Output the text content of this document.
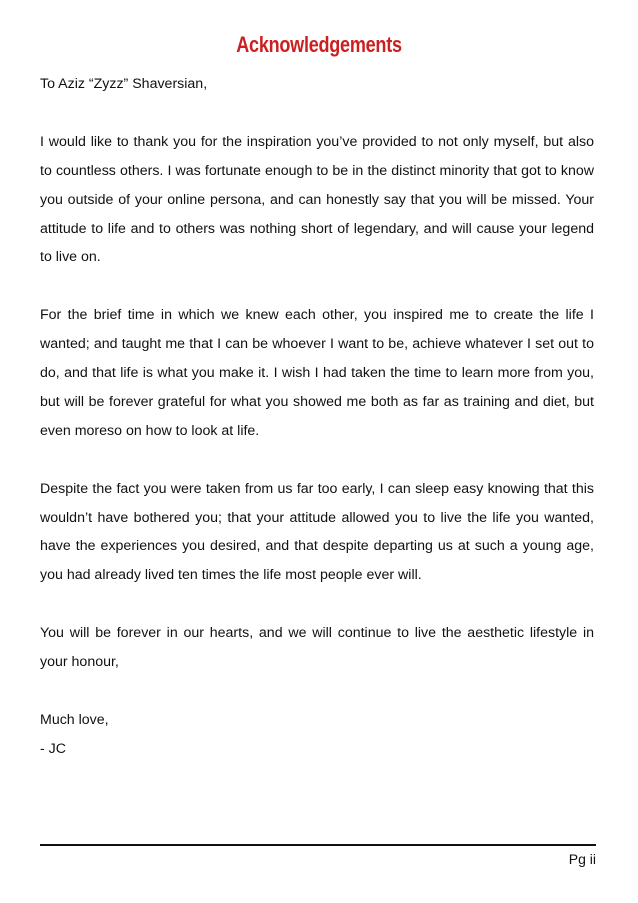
Acknowledgements

To Aziz “Zyzz” Shaversian,

I would like to thank you for the inspiration you’ve provided to not only myself, but also to countless others. I was fortunate enough to be in the distinct minority that got to know you outside of your online persona, and can honestly say that you will be missed. Your attitude to life and to others was nothing short of legendary, and will cause your legend to live on.

For the brief time in which we knew each other, you inspired me to create the life I wanted; and taught me that I can be whoever I want to be, achieve whatever I set out to do, and that life is what you make it. I wish I had taken the time to learn more from you, but will be forever grateful for what you showed me both as far as training and diet, but even moreso on how to look at life.

Despite the fact you were taken from us far too early, I can sleep easy knowing that this wouldn’t have bothered you; that your attitude allowed you to live the life you wanted, have the experiences you desired, and that despite departing us at such a young age, you had already lived ten times the life most people ever will.

You will be forever in our hearts, and we will continue to live the aesthetic lifestyle in your honour,

Much love,

- JC

Pg ii
